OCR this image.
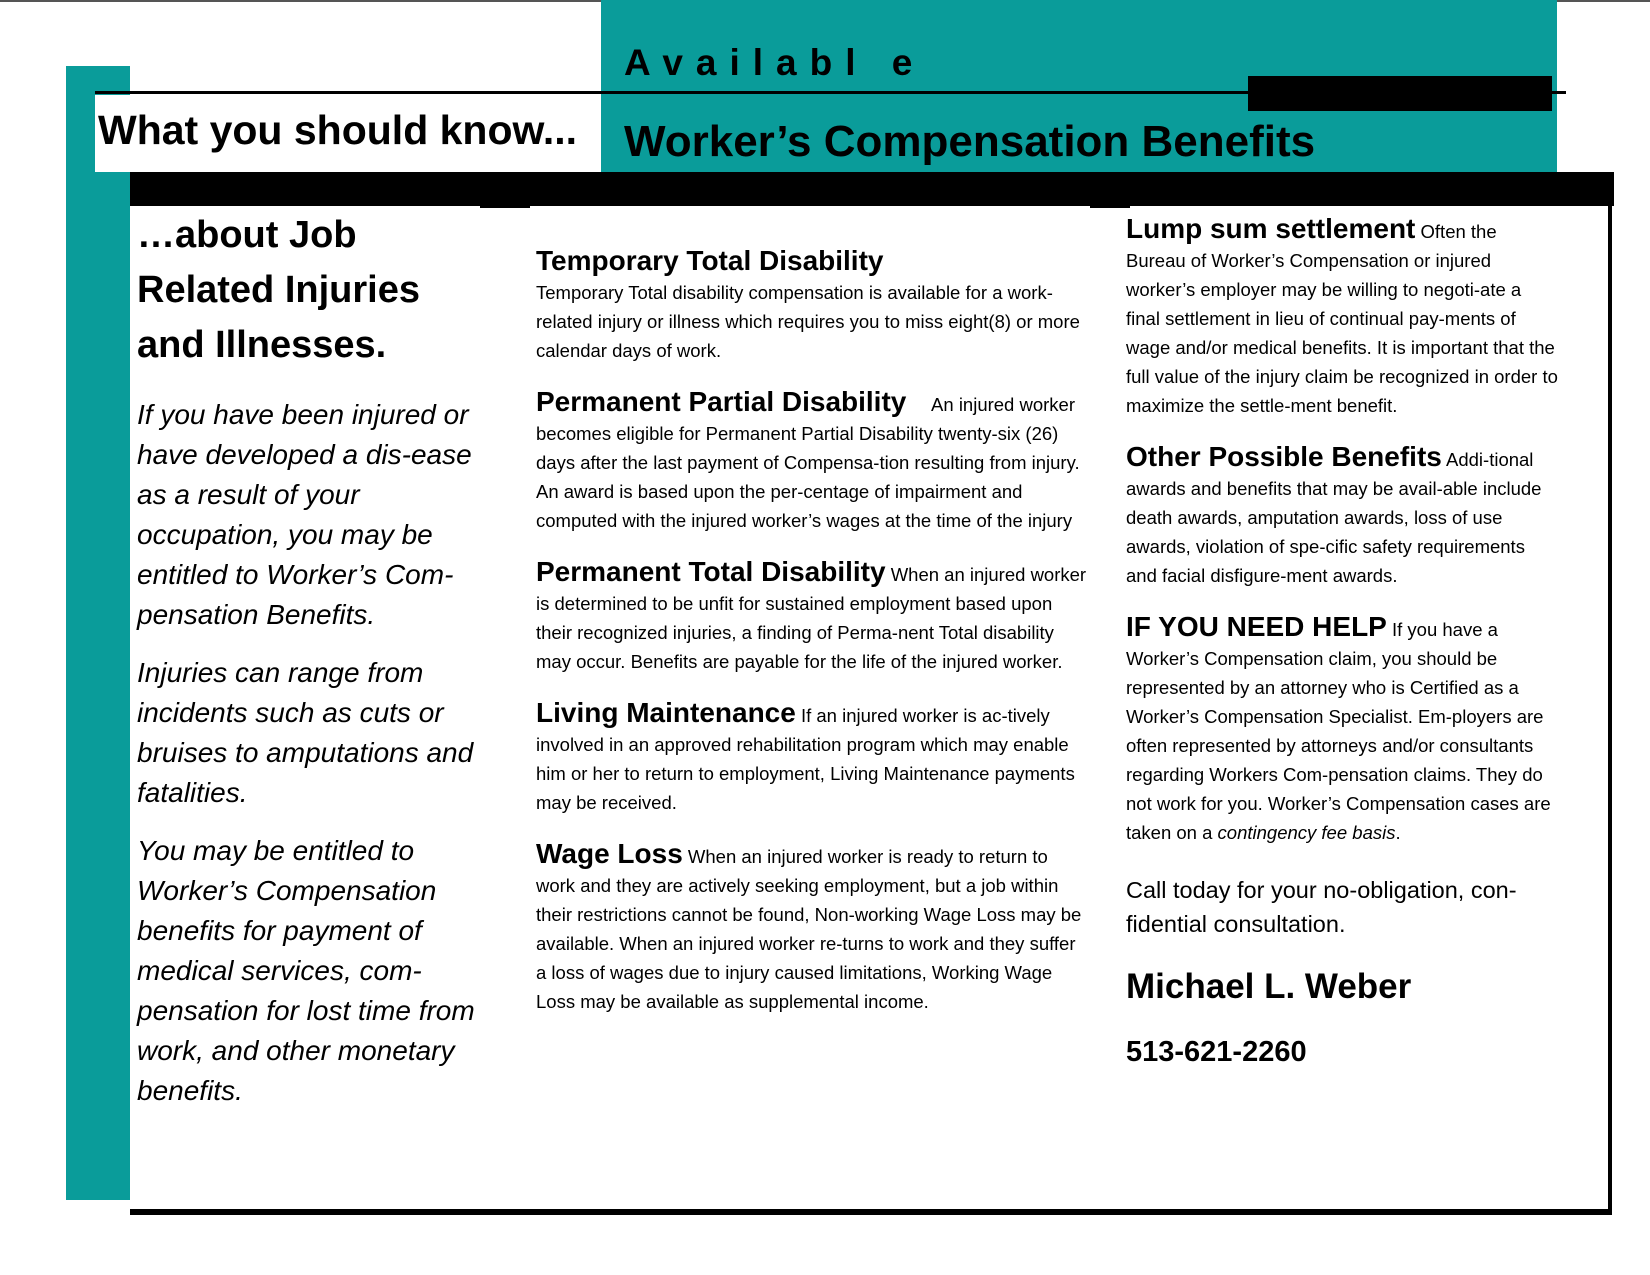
Availabl e
What you should know... Worker’s Compensation Benefits
…about Job Related Injuries and Illnesses.

If you have been injured or have developed a dis-ease as a result of your occupation, you may be entitled to Worker’s Com-pensation Benefits.

Injuries can range from incidents such as cuts or bruises to amputations and fatalities.

You may be entitled to Worker’s Compensation benefits for payment of medical services, com-pensation for lost time from work, and other monetary benefits.

Temporary Total Disability
Temporary Total disability compensation is available for a work-related injury or illness which requires you to miss eight(8) or more calendar days of work.
Permanent Partial Disability An injured worker becomes eligible for Permanent Partial Disability twenty-six (26) days after the last payment of Compensa-tion resulting from injury. An award is based upon the per-centage of impairment and computed with the injured worker’s wages at the time of the injury
Permanent Total Disability When an injured worker is determined to be unfit for sustained employment based upon their recognized injuries, a finding of Perma-nent Total disability may occur. Benefits are payable for the life of the injured worker.
Living Maintenance If an injured worker is ac-tively involved in an approved rehabilitation program which may enable him or her to return to employment, Living Maintenance payments may be received.
Wage Loss When an injured worker is ready to return to work and they are actively seeking employment, but a job within their restrictions cannot be found, Non-working Wage Loss may be available. When an injured worker re-turns to work and they suffer a loss of wages due to injury caused limitations, Working Wage Loss may be available as supplemental income.
Lump sum settlement Often the Bureau of Worker’s Compensation or injured worker’s employer may be willing to negoti-ate a final settlement in lieu of continual pay-ments of wage and/or medical benefits. It is important that the full value of the injury claim be recognized in order to maximize the settle-ment benefit.
Other Possible Benefits Addi-tional awards and benefits that may be avail-able include death awards, amputation awards, loss of use awards, violation of spe-cific safety requirements and facial disfigure-ment awards.
IF YOU NEED HELP If you have a Worker’s Compensation claim, you should be represented by an attorney who is Certified as a Worker’s Compensation Specialist. Em-ployers are often represented by attorneys and/or consultants regarding Workers Com-pensation claims. They do not work for you. Worker’s Compensation cases are taken on a contingency fee basis.
Call today for your no-obligation, con-fidential consultation.
Michael L. Weber
513-621-2260
